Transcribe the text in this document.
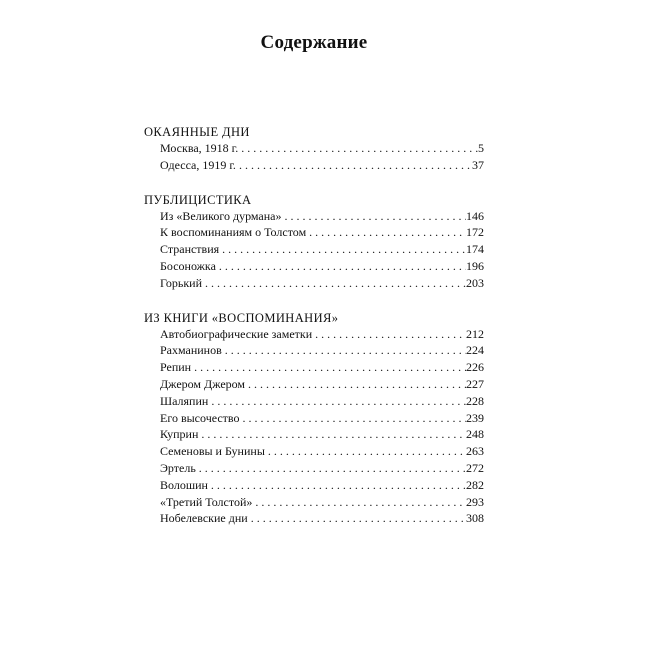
Содержание
ОКАЯННЫЕ ДНИ
Москва, 1918 г. . . .	5
Одесса, 1919 г. . . .	37
ПУБЛИЦИСТИКА
Из «Великого дурмана» . . .	146
К воспоминаниям о Толстом . . .	172
Странствия . . .	174
Босоножка . . .	196
Горький . . .	203
ИЗ КНИГИ «ВОСПОМИНАНИЯ»
Автобиографические заметки . . .	212
Рахманинов . . .	224
Репин . . .	226
Джером Джером . . .	227
Шаляпин . . .	228
Его высочество . . .	239
Куприн . . .	248
Семеновы и Бунины . . .	263
Эртель . . .	272
Волошин . . .	282
«Третий Толстой» . . .	293
Нобелевские дни . . .	308
